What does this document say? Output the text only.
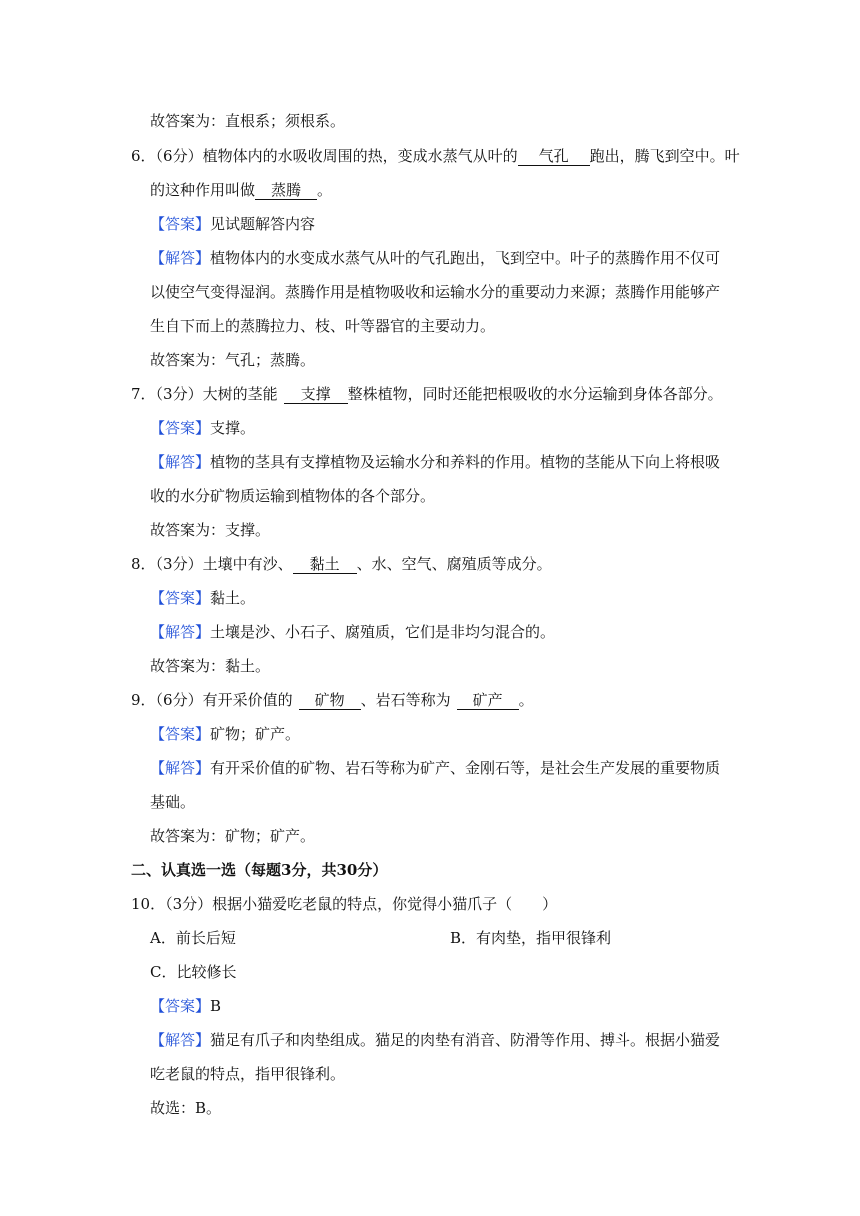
故答案为：直根系；须根系。
6．（6分）植物体内的水吸收周围的热，变成水蒸气从叶的 气孔 跑出，腾飞到空中。叶
的这种作用叫做 蒸腾 。
【答案】见试题解答内容
【解答】植物体内的水变成水蒸气从叶的气孔跑出，飞到空中。叶子的蒸腾作用不仅可
以使空气变得湿润。蒸腾作用是植物吸收和运输水分的重要动力来源；蒸腾作用能够产
生自下而上的蒸腾拉力、枝、叶等器官的主要动力。
故答案为：气孔；蒸腾。
7．（3分）大树的茎能 支撑 整株植物，同时还能把根吸收的水分运输到身体各部分。
【答案】支撑。
【解答】植物的茎具有支撑植物及运输水分和养料的作用。植物的茎能从下向上将根吸
收的水分矿物质运输到植物体的各个部分。
故答案为：支撑。
8．（3分）土壤中有沙、 黏土 、水、空气、腐殖质等成分。
【答案】黏土。
【解答】土壤是沙、小石子、腐殖质，它们是非均匀混合的。
故答案为：黏土。
9．（6分）有开采价值的 矿物 、岩石等称为 矿产 。
【答案】矿物；矿产。
【解答】有开采价值的矿物、岩石等称为矿产、金刚石等，是社会生产发展的重要物质
基础。
故答案为：矿物；矿产。
二、认真选一选（每题3分，共30分）
10．（3分）根据小猫爱吃老鼠的特点，你觉得小猫爪子（　　）
A．前长后短	B．有肉垫，指甲很锋利
C．比较修长
【答案】B
【解答】猫足有爪子和肉垫组成。猫足的肉垫有消音、防滑等作用、搏斗。根据小猫爱
吃老鼠的特点，指甲很锋利。
故选：B。
